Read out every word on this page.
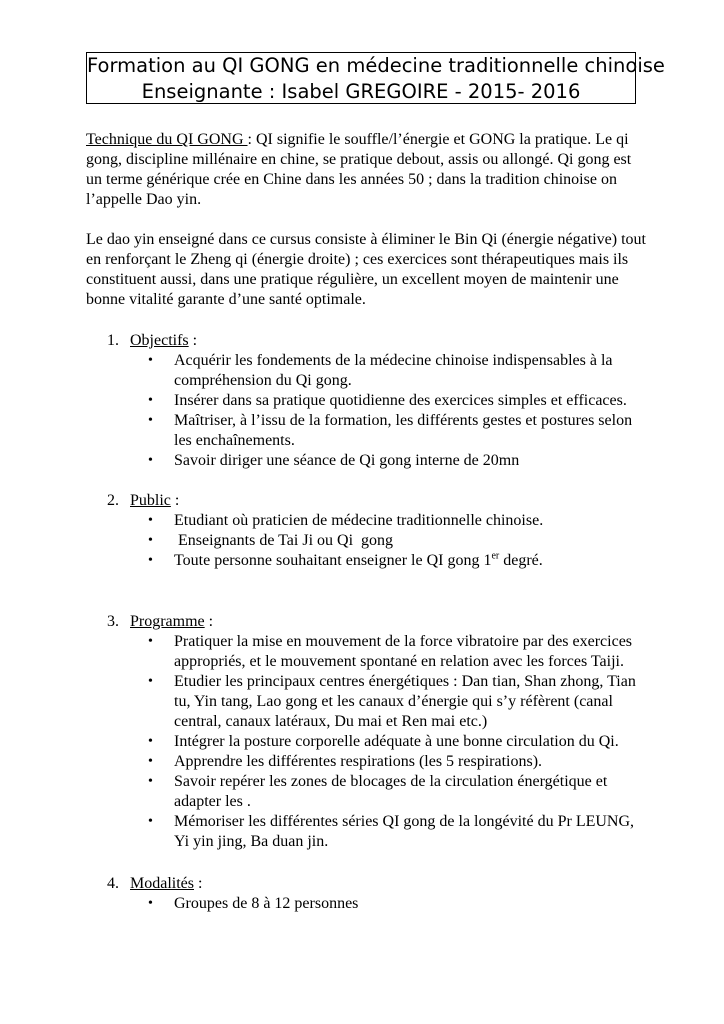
Formation au QI GONG en médecine traditionnelle chinoise
Enseignante : Isabel GREGOIRE - 2015- 2016

Technique du QI GONG : QI signifie le souffle/l’énergie et GONG la pratique. Le qi gong, discipline millénaire en chine, se pratique debout, assis ou allongé. Qi gong est un terme générique crée en Chine dans les années 50 ; dans la tradition chinoise on l’appelle Dao yin.

Le dao yin enseigné dans ce cursus consiste à éliminer le Bin Qi (énergie négative) tout en renforçant le Zheng qi (énergie droite) ; ces exercices sont thérapeutiques mais ils constituent aussi, dans une pratique régulière, un excellent moyen de maintenir une bonne vitalité garante d’une santé optimale.

1. Objectifs :
• Acquérir les fondements de la médecine chinoise indispensables à la compréhension du Qi gong.
• Insérer dans sa pratique quotidienne des exercices simples et efficaces.
• Maîtriser, à l’issu de la formation, les différents gestes et postures selon les enchaînements.
• Savoir diriger une séance de Qi gong interne de 20mn
2. Public :
• Etudiant où praticien de médecine traditionnelle chinoise.
• Enseignants de Tai Ji ou Qi  gong
• Toute personne souhaitant enseigner le QI gong 1er degré.
3. Programme :
• Pratiquer la mise en mouvement de la force vibratoire par des exercices appropriés, et le mouvement spontané en relation avec les forces Taiji.
• Etudier les principaux centres énergétiques : Dan tian, Shan zhong, Tian tu, Yin tang, Lao gong et les canaux d’énergie qui s’y réfèrent (canal central, canaux latéraux, Du mai et Ren mai etc.)
• Intégrer la posture corporelle adéquate à une bonne circulation du Qi.
• Apprendre les différentes respirations (les 5 respirations).
• Savoir repérer les zones de blocages de la circulation énergétique et adapter les .
• Mémoriser les différentes séries QI gong de la longévité du Pr LEUNG, Yi yin jing, Ba duan jin.
4. Modalités :
• Groupes de 8 à 12 personnes
